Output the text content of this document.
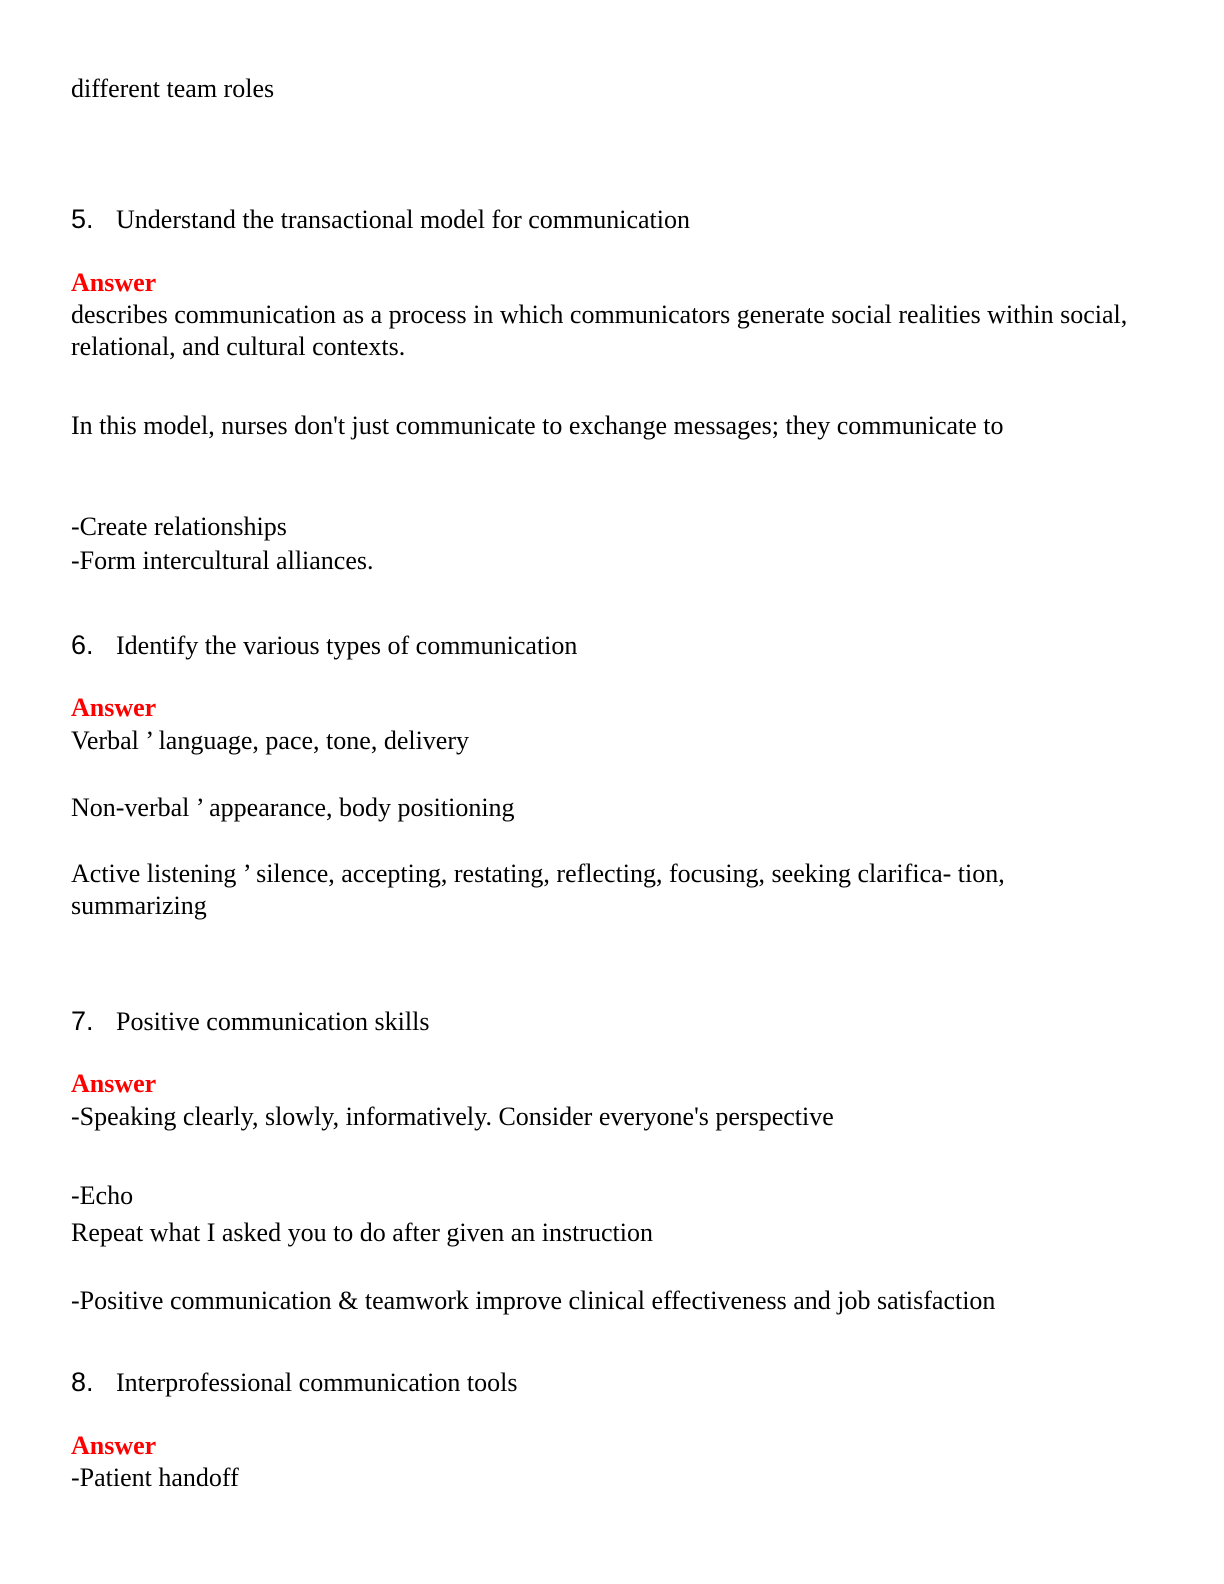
different team roles
5. Understand the transactional model for communication
Answer
describes communication as a process in which communicators generate social realities within social, relational, and cultural contexts.
In this model, nurses don't just communicate to exchange messages; they communicate to
-Create relationships
-Form intercultural alliances.
6. Identify the various types of communication
Answer
Verbal ’ language, pace, tone, delivery
Non-verbal ’ appearance, body positioning
Active listening ’ silence, accepting, restating, reflecting, focusing, seeking clarifica- tion, summarizing
7. Positive communication skills
Answer
-Speaking clearly, slowly, informatively. Consider everyone's perspective
-Echo
Repeat what I asked you to do after given an instruction
-Positive communication & teamwork improve clinical effectiveness and job satisfaction
8. Interprofessional communication tools
Answer
-Patient handoff
